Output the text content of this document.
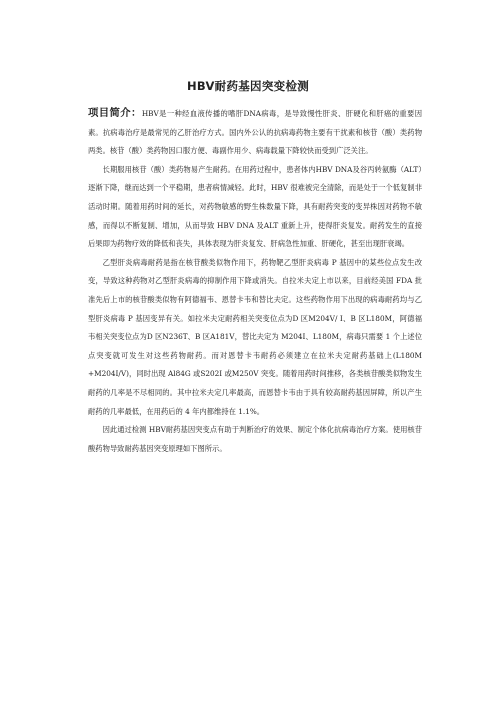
HBV耐药基因突变检测

项目简介：HBV是一种经血液传播的嗜肝DNA病毒，是导致慢性肝炎、肝硬化和肝癌的重要因素。抗病毒治疗是最常见的乙肝治疗方式。国内外公认的抗病毒药物主要有干扰素和核苷（酸）类药物两类。核苷（酸）类药物因口服方便、毒副作用少、病毒载量下降较快而受到广泛关注。

长期服用核苷（酸）类药物易产生耐药。在用药过程中，患者体内HBV DNA及谷丙转氨酶（ALT）逐渐下降，继而达到一个平稳期，患者病情减轻。此时，HBV 很难被完全清除，而是处于一个低复制非活动时期。随着用药时间的延长，对药物敏感的野生株数量下降，具有耐药突变的变异株因对药物不敏感，而得以不断复制、增加，从而导致 HBV DNA 及ALT 重新上升，使得肝炎复发。耐药发生的直接后果即为药物疗效的降低和丧失，具体表现为肝炎复发、肝病急性加重、肝硬化，甚至出现肝衰竭。

乙型肝炎病毒耐药是指在核苷酸类似物作用下，药物靶乙型肝炎病毒 P 基因中的某些位点发生改变，导致这种药物对乙型肝炎病毒的抑制作用下降或消失。自拉米夫定上市以来，目前经美国 FDA 批准先后上市的核苷酸类似物有阿德福韦、恩替卡韦和替比夫定。这些药物作用下出现的病毒耐药均与乙型肝炎病毒 P 基因变异有关。如拉米夫定耐药相关突变位点为D 区M204V/ I、B 区L180M，阿德福韦相关突变位点为D 区N236T、B 区A181V，替比夫定为 M204I、L180M，病毒只需要 1 个上述位点突变就可发生对这些药物耐药。而对恩替卡韦耐药必须建立在拉米夫定耐药基础上(L180M +M204I/V)，同时出现 Al84G 或S202I 或M250V 突变。随着用药时间推移，各类核苷酸类似物发生耐药的几率是不尽相同的。其中拉米夫定几率最高，而恩替卡韦由于具有较高耐药基因屏障，所以产生耐药的几率最低，在用药后的 4 年内都维持在 1.1%。

因此通过检测 HBV耐药基因突变点有助于判断治疗的效果、制定个体化抗病毒治疗方案。使用核苷酸药物导致耐药基因突变原理如下图所示。
